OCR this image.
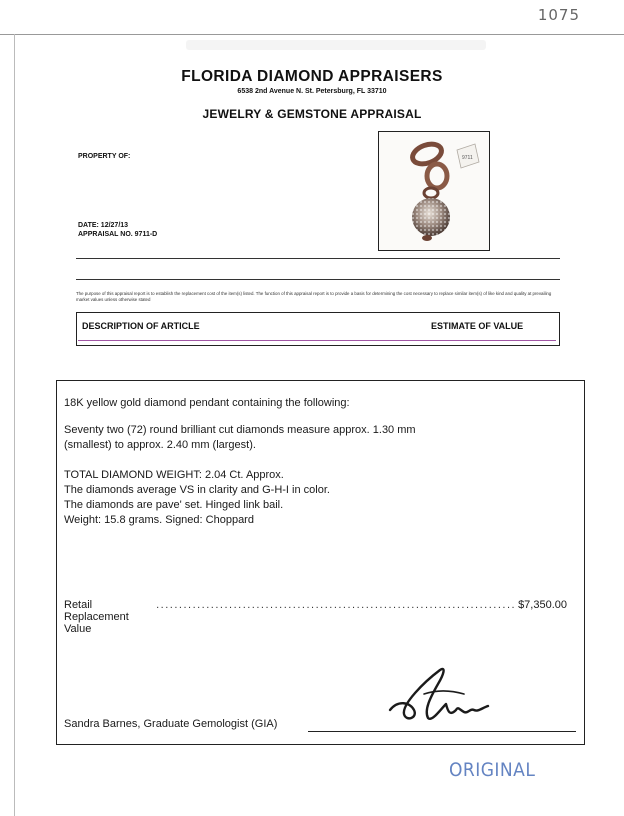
1075
FLORIDA DIAMOND APPRAISERS
6538 2nd Avenue N. St. Petersburg, FL 33710
JEWELRY & GEMSTONE APPRAISAL
PROPERTY OF:
DATE: 12/27/13
APPRAISAL NO. 9711-D
9711
The purpose of this appraisal report is to establish the replacement cost of the item(s) listed. The function of this appraisal report is to provide a basis for determining the cost necessary to replace similar item(s) of like kind and quality at prevailing market values unless otherwise stated
DESCRIPTION OF ARTICLE	ESTIMATE OF VALUE
18K yellow gold diamond pendant containing the following:
Seventy two (72) round brilliant cut diamonds measure approx. 1.30 mm
(smallest) to approx. 2.40 mm (largest).
TOTAL DIAMOND WEIGHT: 2.04 Ct. Approx.
The diamonds average VS in clarity and G-H-I in color.
The diamonds are pave' set. Hinged link bail.
Weight: 15.8 grams. Signed: Choppard
Retail Replacement Value
............................................................................... $7,350.00
Sandra Barnes, Graduate Gemologist (GIA)
ORIGINAL
